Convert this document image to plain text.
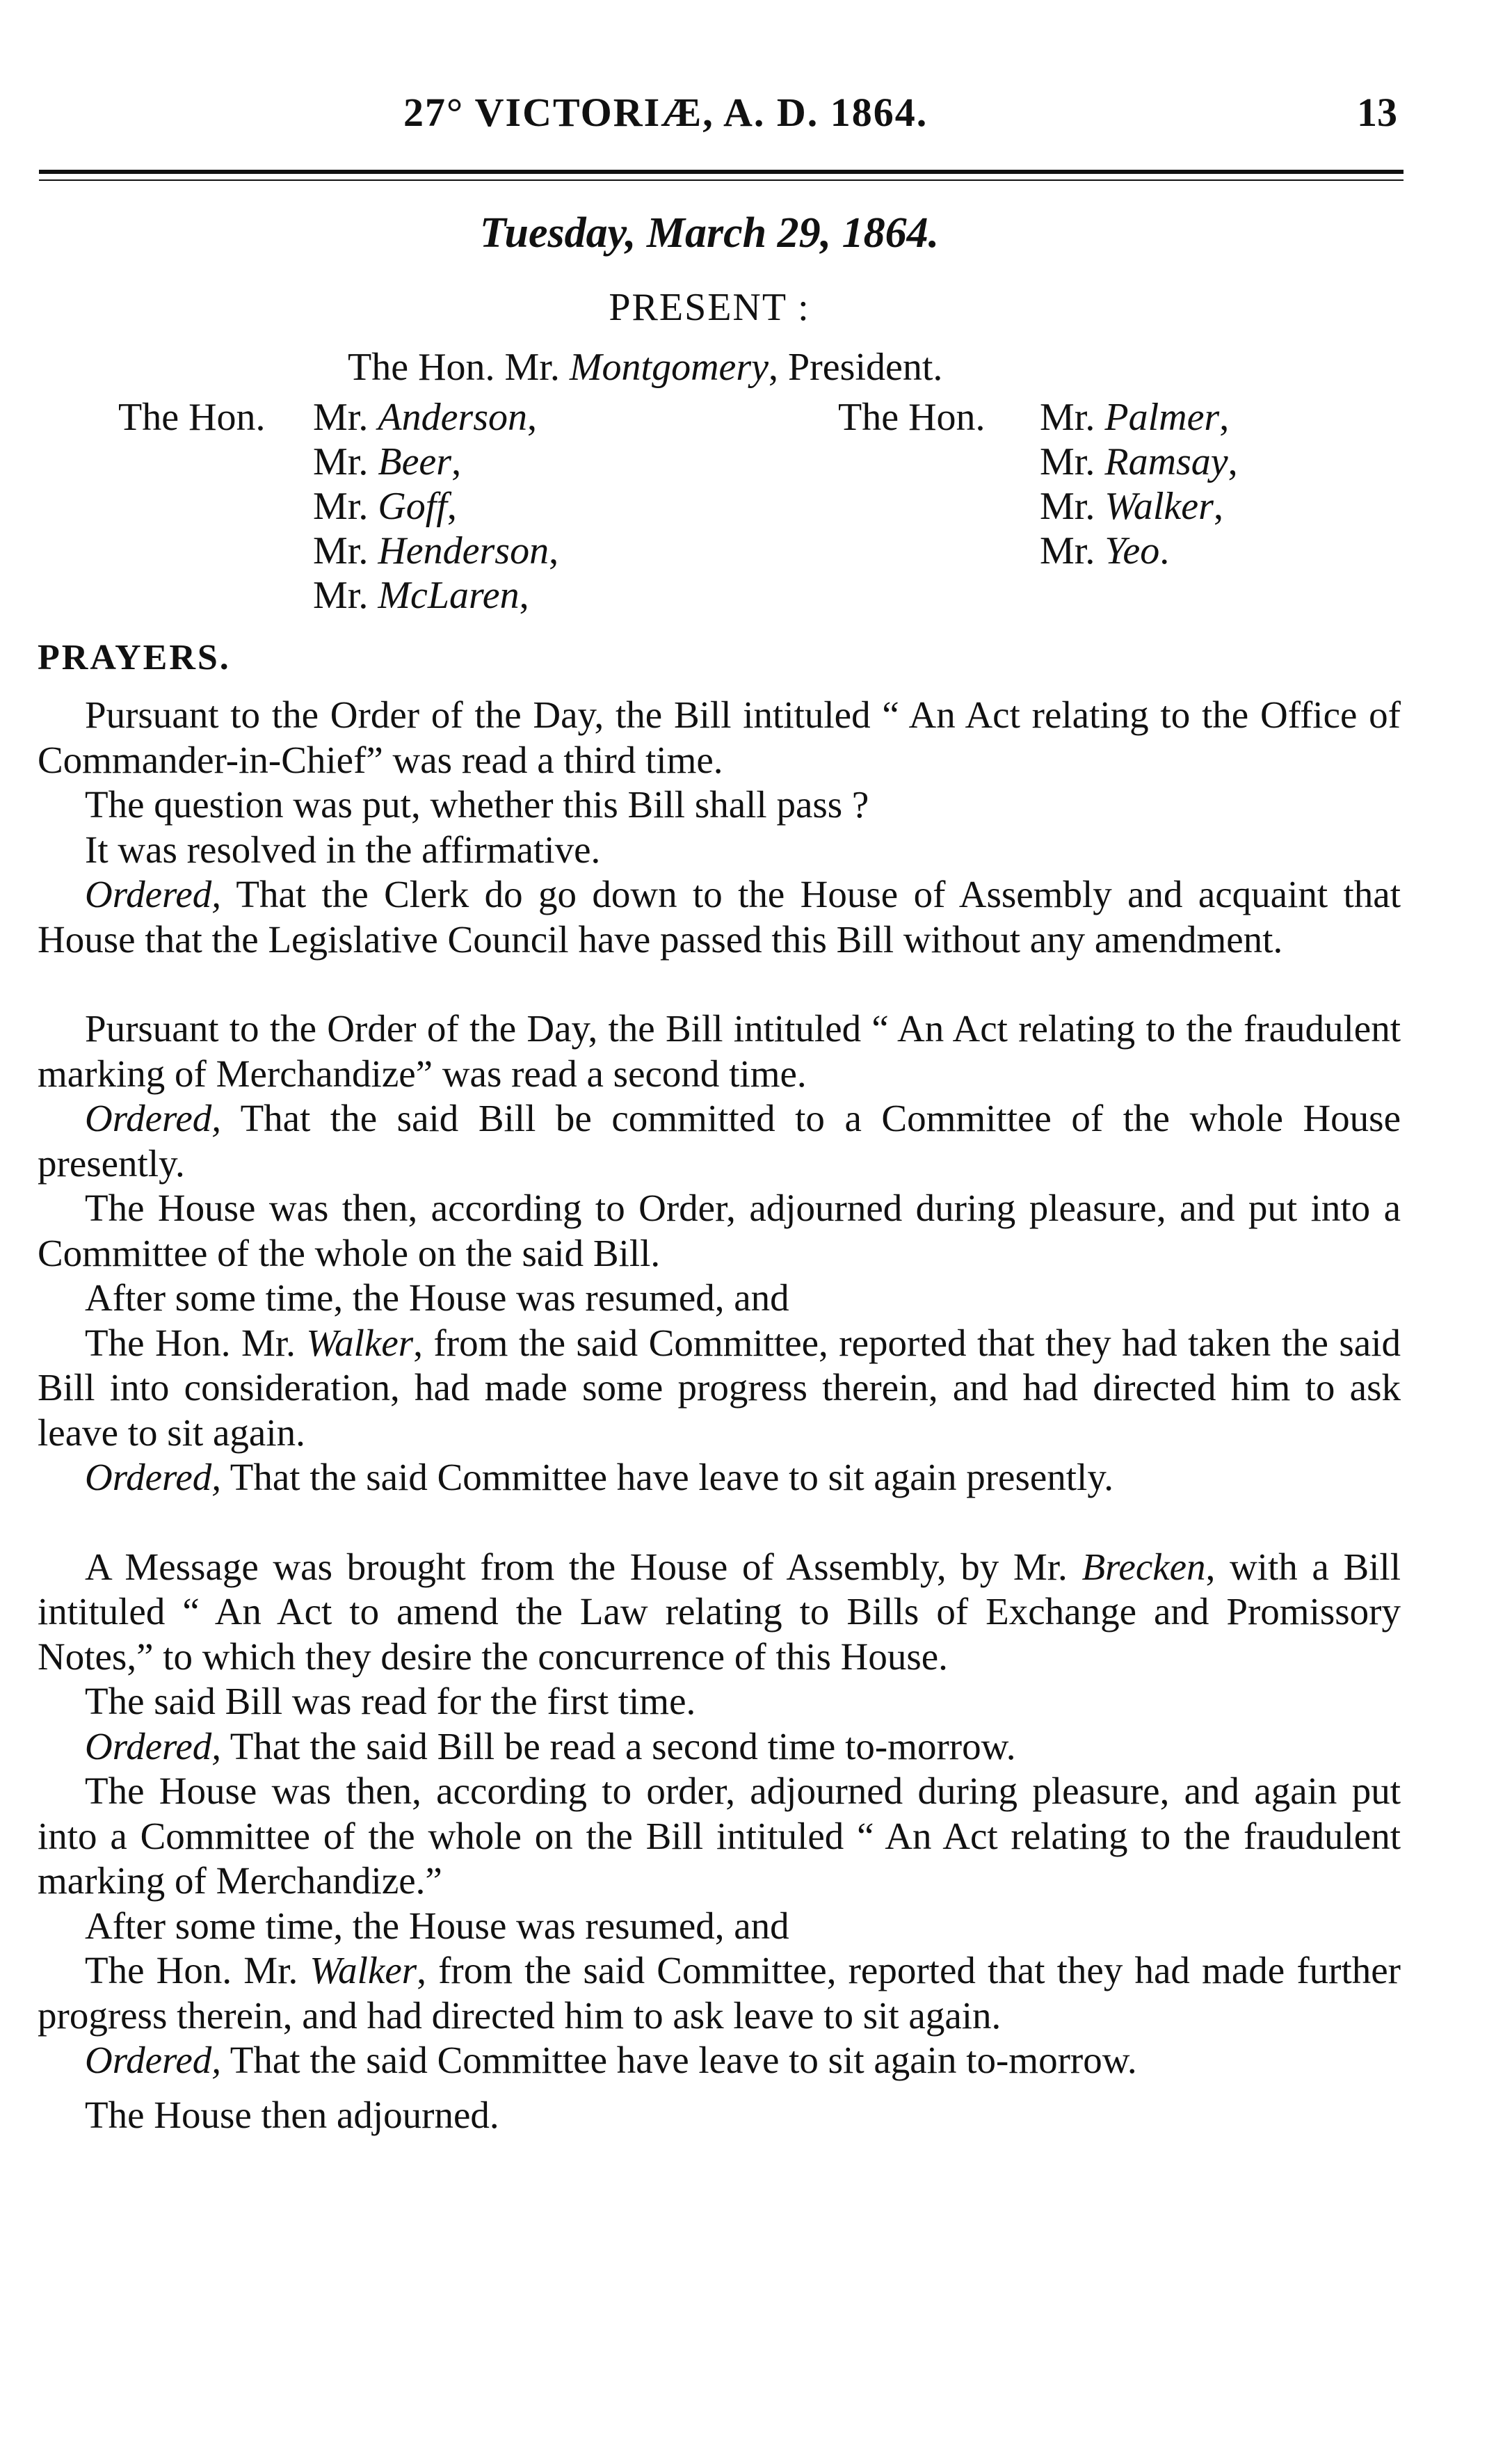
27° VICTORIÆ, A. D. 1864.	13
Tuesday, March 29, 1864.
PRESENT :
The Hon. Mr. Montgomery, President.
The Hon. Mr. Anderson,
Mr. Beer,
Mr. Goff,
Mr. Henderson,
Mr. McLaren,
The Hon. Mr. Palmer,
Mr. Ramsay,
Mr. Walker,
Mr. Yeo.
PRAYERS.

Pursuant to the Order of the Day, the Bill intituled “ An Act relating to the Office of Commander-in-Chief” was read a third time.

The question was put, whether this Bill shall pass ?

It was resolved in the affirmative.

Ordered, That the Clerk do go down to the House of Assembly and acquaint that House that the Legislative Council have passed this Bill without any amendment.

Pursuant to the Order of the Day, the Bill intituled “ An Act relating to the fraudulent marking of Merchandize” was read a second time.

Ordered, That the said Bill be committed to a Committee of the whole House presently.

The House was then, according to Order, adjourned during pleasure, and put into a Committee of the whole on the said Bill.

After some time, the House was resumed, and

The Hon. Mr. Walker, from the said Committee, reported that they had taken the said Bill into consideration, had made some progress therein, and had directed him to ask leave to sit again.

Ordered, That the said Committee have leave to sit again presently.

A Message was brought from the House of Assembly, by Mr. Brecken, with a Bill intituled “ An Act to amend the Law relating to Bills of Exchange and Promissory Notes,” to which they desire the concurrence of this House.

The said Bill was read for the first time.

Ordered, That the said Bill be read a second time to-morrow.

The House was then, according to order, adjourned during pleasure, and again put into a Committee of the whole on the Bill intituled “ An Act relating to the fraudulent marking of Merchandize.”

After some time, the House was resumed, and

The Hon. Mr. Walker, from the said Committee, reported that they had made further progress therein, and had directed him to ask leave to sit again.

Ordered, That the said Committee have leave to sit again to-morrow.

The House then adjourned.
